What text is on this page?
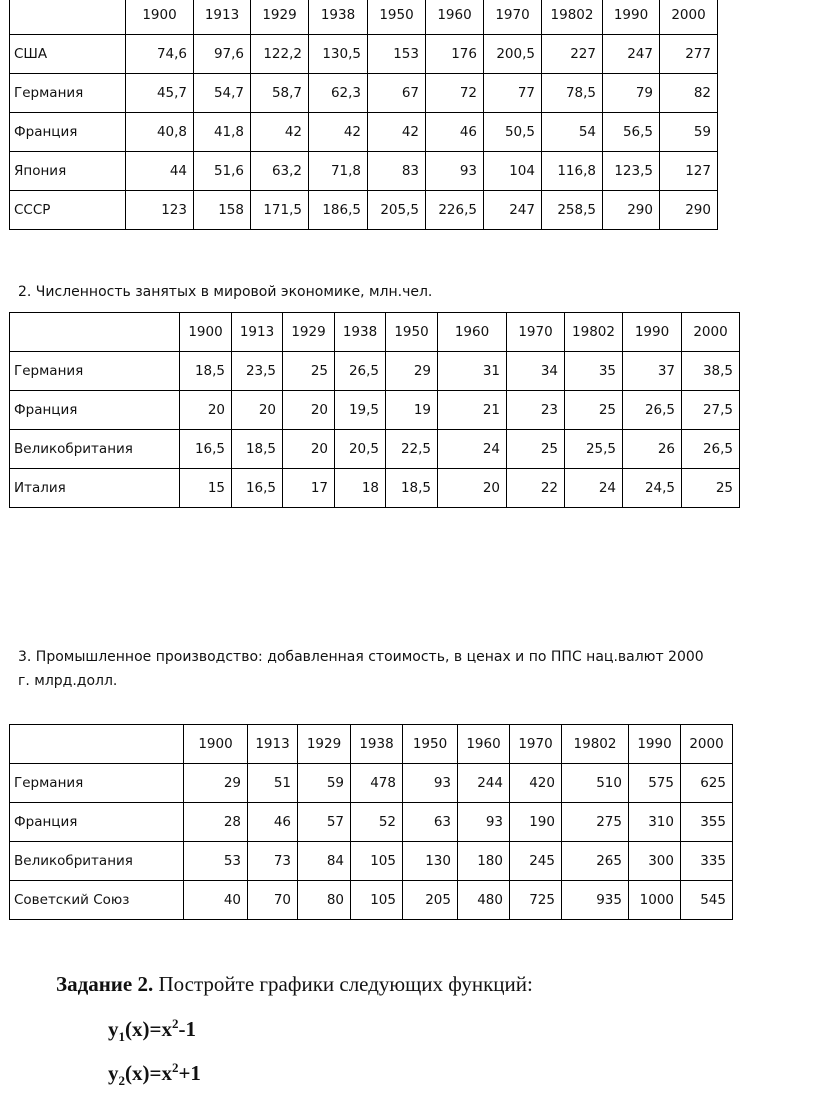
	1900	1913	1929	1938	1950	1960	1970	19802	1990	2000
США	74,6	97,6	122,2	130,5	153	176	200,5	227	247	277
Германия	45,7	54,7	58,7	62,3	67	72	77	78,5	79	82
Франция	40,8	41,8	42	42	42	46	50,5	54	56,5	59
Япония	44	51,6	63,2	71,8	83	93	104	116,8	123,5	127
СССР	123	158	171,5	186,5	205,5	226,5	247	258,5	290	290
2. Численность занятых в мировой экономике, млн.чел.
	1900	1913	1929	1938	1950	1960	1970	19802	1990	2000
Германия	18,5	23,5	25	26,5	29	31	34	35	37	38,5
Франция	20	20	20	19,5	19	21	23	25	26,5	27,5
Великобритания	16,5	18,5	20	20,5	22,5	24	25	25,5	26	26,5
Италия	15	16,5	17	18	18,5	20	22	24	24,5	25
3. Промышленное производство: добавленная стоимость, в ценах и по ППС нац.валют 2000 г. млрд.долл.
	1900	1913	1929	1938	1950	1960	1970	19802	1990	2000
Германия	29	51	59	478	93	244	420	510	575	625
Франция	28	46	57	52	63	93	190	275	310	355
Великобритания	53	73	84	105	130	180	245	265	300	335
Советский Союз	40	70	80	105	205	480	725	935	1000	545
Задание 2. Постройте графики следующих функций:
$y_1(x)=x^2-1$
$y_2(x)=x^2+1$
